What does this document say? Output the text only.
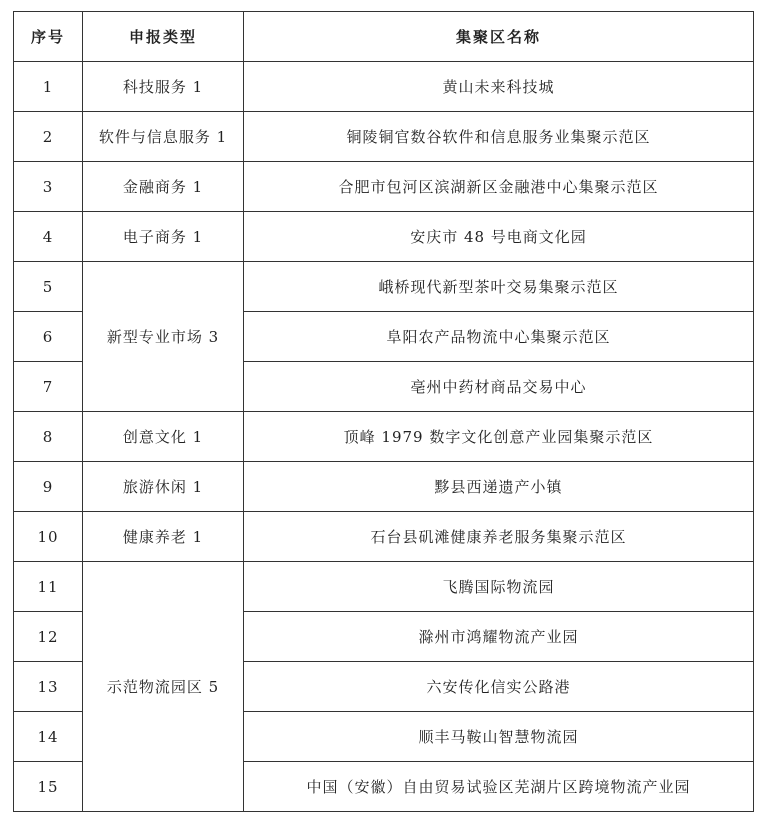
序号	申报类型	集聚区名称
1	科技服务 1	黄山未来科技城
2	软件与信息服务 1	铜陵铜官数谷软件和信息服务业集聚示范区
3	金融商务 1	合肥市包河区滨湖新区金融港中心集聚示范区
4	电子商务 1	安庆市 48 号电商文化园
5	新型专业市场 3	峨桥现代新型茶叶交易集聚示范区
6		阜阳农产品物流中心集聚示范区
7		亳州中药材商品交易中心
8	创意文化 1	顶峰 1979 数字文化创意产业园集聚示范区
9	旅游休闲 1	黟县西递遗产小镇
10	健康养老 1	石台县矶滩健康养老服务集聚示范区
11	示范物流园区 5	飞腾国际物流园
12		滁州市鸿耀物流产业园
13		六安传化信实公路港
14		顺丰马鞍山智慧物流园
15		中国（安徽）自由贸易试验区芜湖片区跨境物流产业园
